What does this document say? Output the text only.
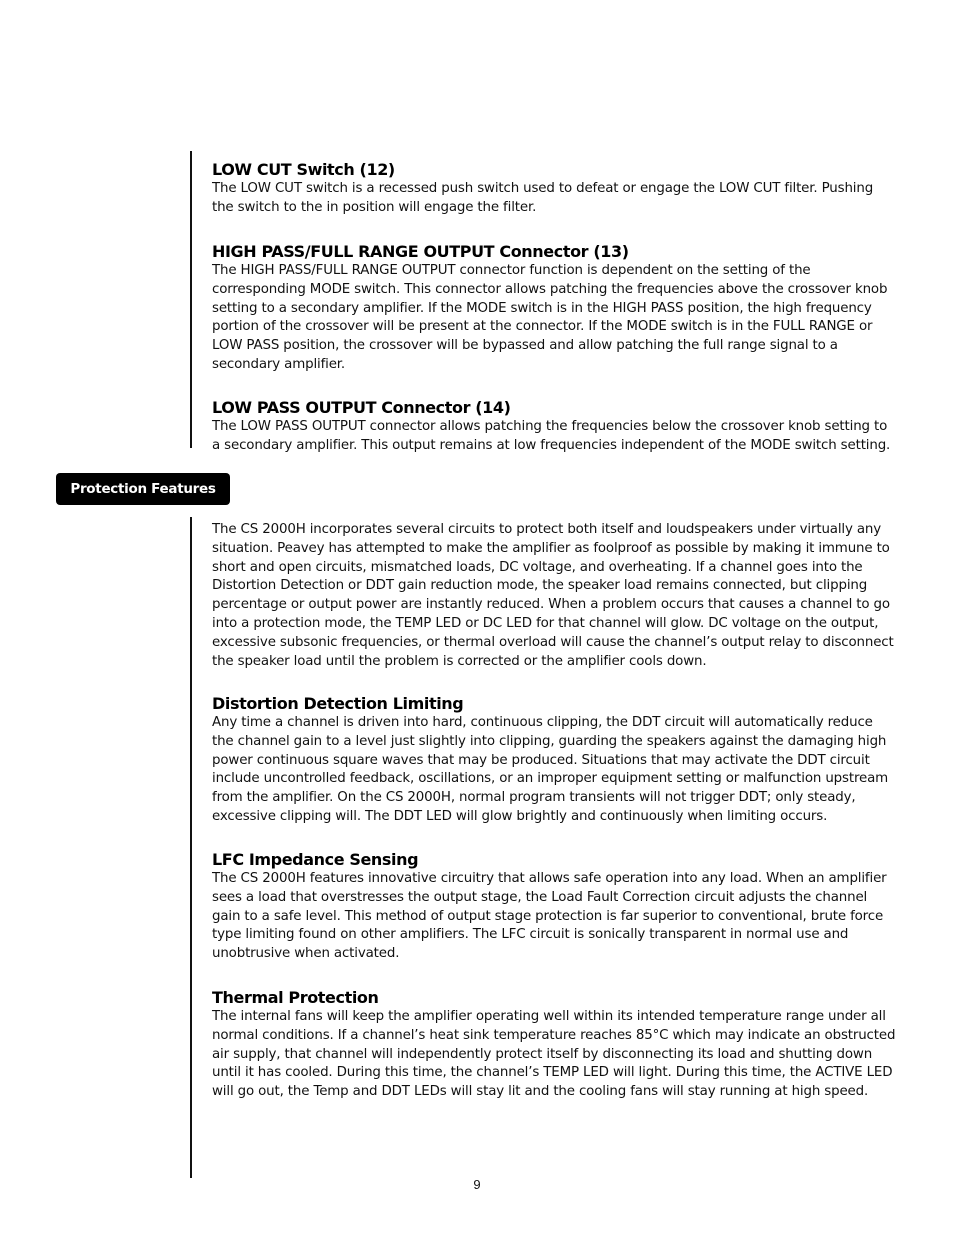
LOW CUT Switch (12)

The LOW CUT switch is a recessed push switch used to defeat or engage the LOW CUT filter. Pushing the switch to the in position will engage the filter.

HIGH PASS/FULL RANGE OUTPUT Connector (13)

The HIGH PASS/FULL RANGE OUTPUT connector function is dependent on the setting of the corresponding MODE switch. This connector allows patching the frequencies above the crossover knob setting to a secondary amplifier. If the MODE switch is in the HIGH PASS position, the high frequency portion of the crossover will be present at the connector. If the MODE switch is in the FULL RANGE or LOW PASS position, the crossover will be bypassed and allow patching the full range signal to a secondary amplifier.

LOW PASS OUTPUT Connector (14)

The LOW PASS OUTPUT connector allows patching the frequencies below the crossover knob setting to a secondary amplifier. This output remains at low frequencies independent of the MODE switch setting.

Protection Features

The CS 2000H incorporates several circuits to protect both itself and loudspeakers under virtually any situation. Peavey has attempted to make the amplifier as foolproof as possible by making it immune to short and open circuits, mismatched loads, DC voltage, and overheating. If a channel goes into the Distortion Detection or DDT gain reduction mode, the speaker load remains connected, but clipping percentage or output power are instantly reduced. When a problem occurs that causes a channel to go into a protection mode, the TEMP LED or DC LED for that channel will glow. DC voltage on the output, excessive subsonic frequencies, or thermal overload will cause the channel’s output relay to disconnect the speaker load until the problem is corrected or the amplifier cools down.

Distortion Detection Limiting

Any time a channel is driven into hard, continuous clipping, the DDT circuit will automatically reduce the channel gain to a level just slightly into clipping, guarding the speakers against the damaging high power continuous square waves that may be produced. Situations that may activate the DDT circuit include uncontrolled feedback, oscillations, or an improper equipment setting or malfunction upstream from the amplifier. On the CS 2000H, normal program transients will not trigger DDT; only steady, excessive clipping will. The DDT LED will glow brightly and continuously when limiting occurs.

LFC Impedance Sensing

The CS 2000H features innovative circuitry that allows safe operation into any load. When an amplifier sees a load that overstresses the output stage, the Load Fault Correction circuit adjusts the channel gain to a safe level. This method of output stage protection is far superior to conventional, brute force type limiting found on other amplifiers. The LFC circuit is sonically transparent in normal use and unobtrusive when activated.

Thermal Protection

The internal fans will keep the amplifier operating well within its intended temperature range under all normal conditions. If a channel’s heat sink temperature reaches 85°C which may indicate an obstructed air supply, that channel will independently protect itself by disconnecting its load and shutting down until it has cooled. During this time, the channel’s TEMP LED will light. During this time, the ACTIVE LED will go out, the Temp and DDT LEDs will stay lit and the cooling fans will stay running at high speed.

9
